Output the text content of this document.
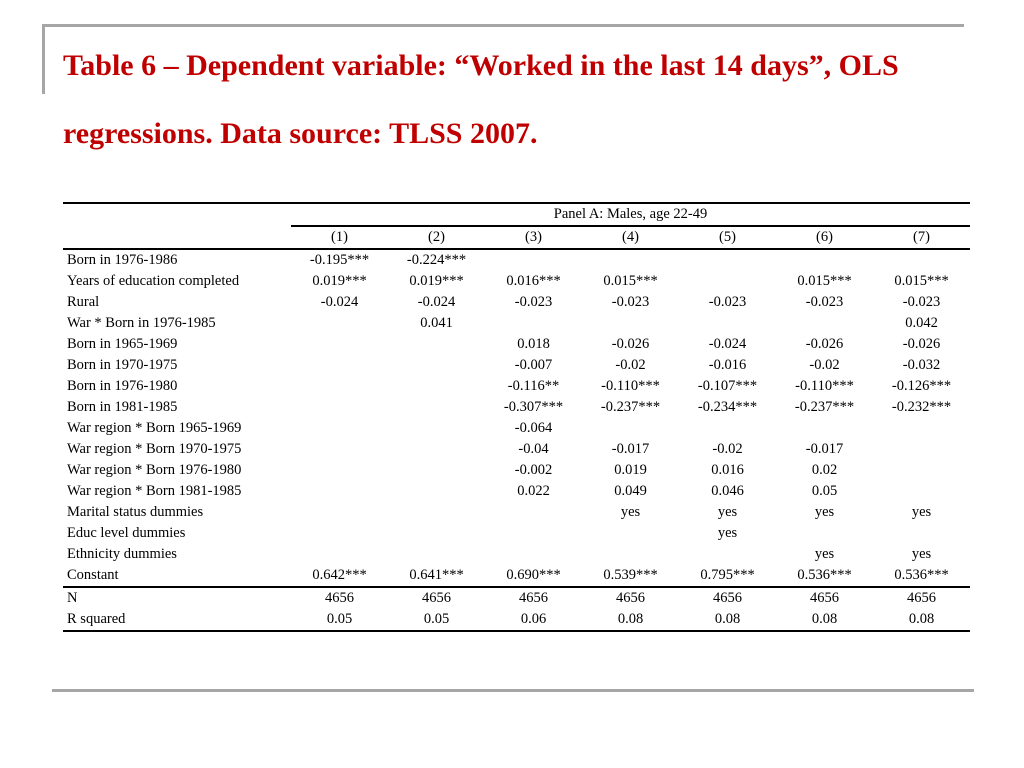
Table 6 – Dependent variable: “Worked in the last 14 days”, OLS regressions. Data source: TLSS 2007.
	Panel A: Males, age 22-49						
	(1)	(2)	(3)	(4)	(5)	(6)	(7)
Born in 1976-1986	-0.195***	-0.224***					
Years of education completed	0.019***	0.019***	0.016***	0.015***		0.015***	0.015***
Rural	-0.024	-0.024	-0.023	-0.023	-0.023	-0.023	-0.023
War * Born in 1976-1985		0.041					0.042
Born in 1965-1969			0.018	-0.026	-0.024	-0.026	-0.026
Born in 1970-1975			-0.007	-0.02	-0.016	-0.02	-0.032
Born in 1976-1980			-0.116**	-0.110***	-0.107***	-0.110***	-0.126***
Born in 1981-1985			-0.307***	-0.237***	-0.234***	-0.237***	-0.232***
War region * Born 1965-1969			-0.064				
War region * Born 1970-1975			-0.04	-0.017	-0.02	-0.017	
War region * Born 1976-1980			-0.002	0.019	0.016	0.02	
War region * Born 1981-1985			0.022	0.049	0.046	0.05	
Marital status dummies				yes	yes	yes	yes
Educ level dummies					yes		
Ethnicity dummies						yes	yes
Constant	0.642***	0.641***	0.690***	0.539***	0.795***	0.536***	0.536***
N	4656	4656	4656	4656	4656	4656	4656
R squared	0.05	0.05	0.06	0.08	0.08	0.08	0.08
